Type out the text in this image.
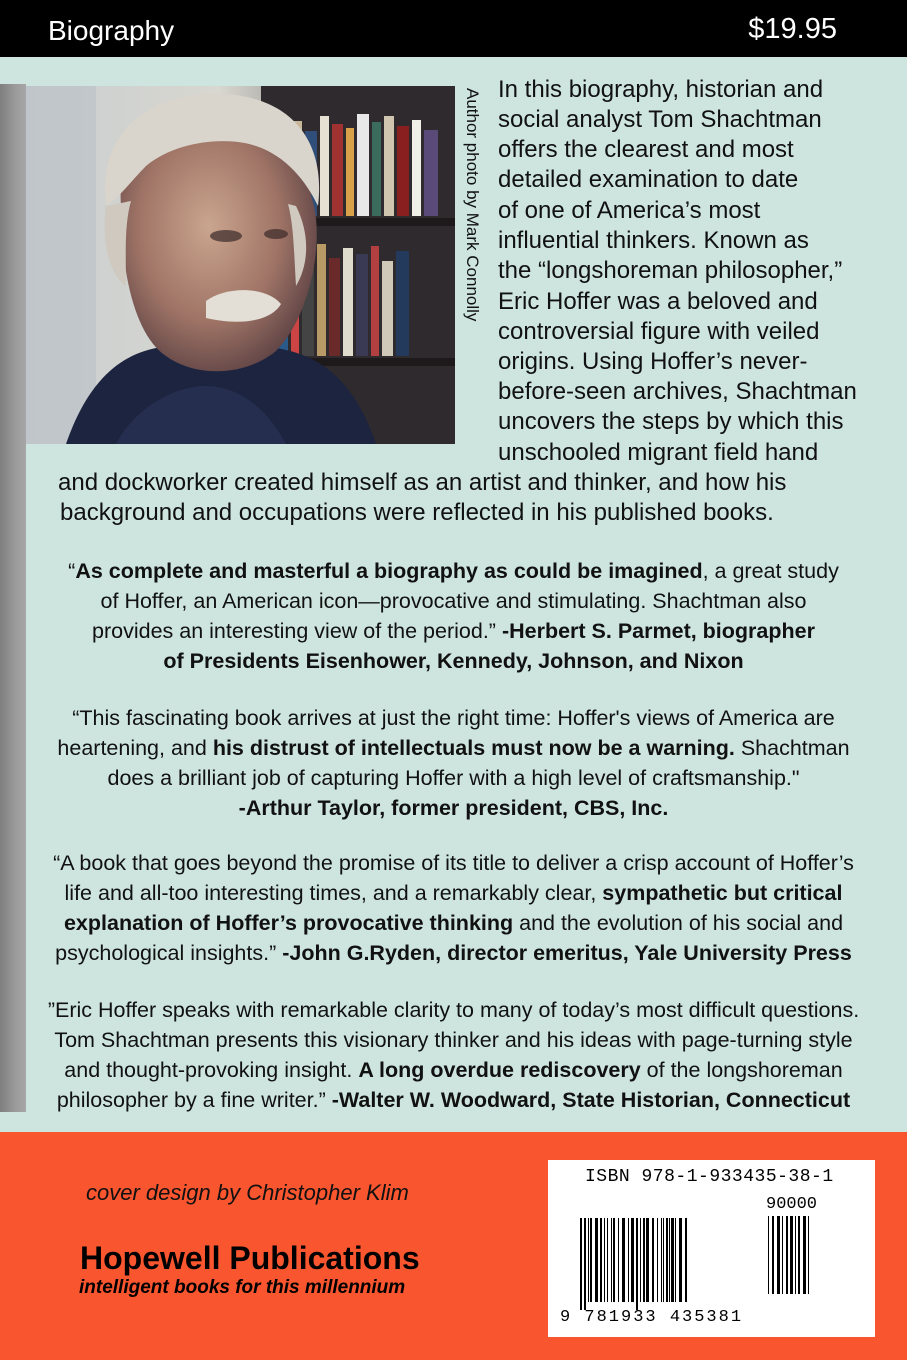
Biography	$19.95
Author photo by Mark Connolly In this biography, historian and
social analyst Tom Shachtman
offers the clearest and most
detailed examination to date
of one of America’s most
influential thinkers. Known as
the “longshoreman philosopher,”
Eric Hoffer was a beloved and
controversial figure with veiled
origins. Using Hoffer’s never-
before-seen archives, Shachtman
uncovers the steps by which this
unschooled migrant field hand
and dockworker created himself as an artist and thinker, and how his
background and occupations were reflected in his published books.
“As complete and masterful a biography as could be imagined, a great study
of Hoffer, an American icon—provocative and stimulating. Shachtman also
provides an interesting view of the period.” -Herbert S. Parmet, biographer
of Presidents Eisenhower, Kennedy, Johnson, and Nixon
“This fascinating book arrives at just the right time: Hoffer's views of America are
heartening, and his distrust of intellectuals must now be a warning. Shachtman
does a brilliant job of capturing Hoffer with a high level of craftsmanship."
-Arthur Taylor, former president, CBS, Inc.
“A book that goes beyond the promise of its title to deliver a crisp account of Hoffer’s
life and all-too interesting times, and a remarkably clear, sympathetic but critical
explanation of Hoffer’s provocative thinking and the evolution of his social and
psychological insights.” -John G.Ryden, director emeritus, Yale University Press
”Eric Hoffer speaks with remarkable clarity to many of today’s most difficult questions.
Tom Shachtman presents this visionary thinker and his ideas with page-turning style
and thought-provoking insight. A long overdue rediscovery of the longshoreman
philosopher by a fine writer.” -Walter W. Woodward, State Historian, Connecticut
cover design by Christopher Klim
Hopewell Publications
intelligent books for this millennium
ISBN 978-1-933435-38-1
90000
9 781933 435381
